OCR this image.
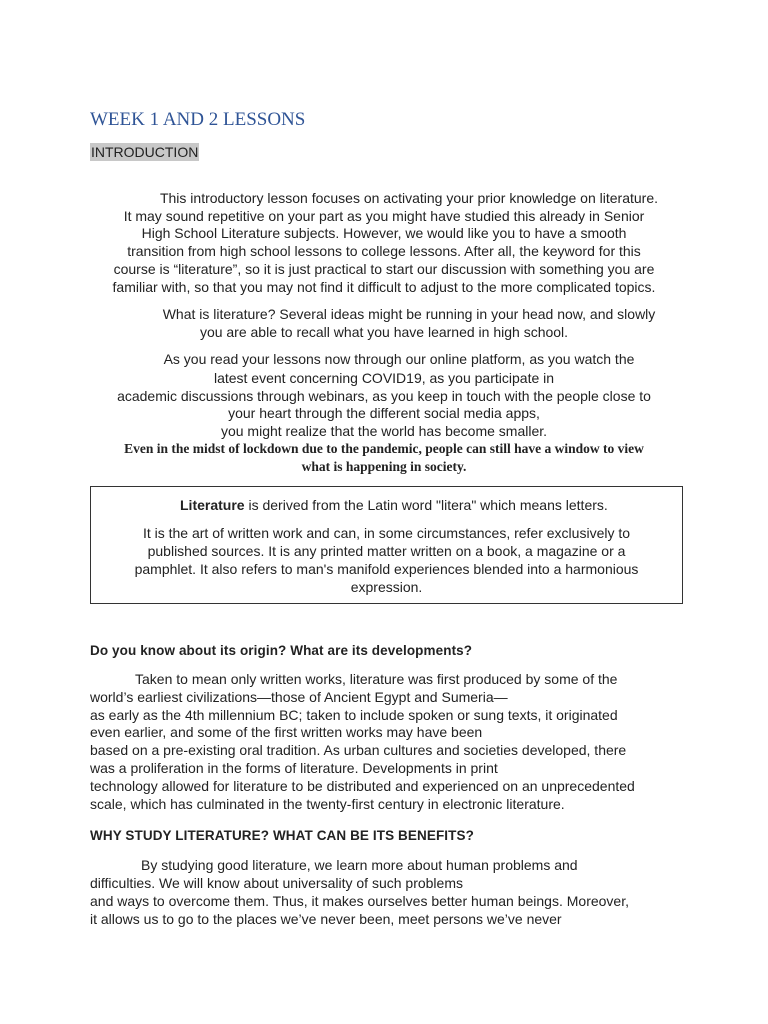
WEEK 1 AND 2 LESSONS
INTRODUCTION
This introductory lesson focuses on activating your prior knowledge on literature.
It may sound repetitive on your part as you might have studied this already in Senior
High School Literature subjects. However, we would like you to have a smooth
transition from high school lessons to college lessons. After all, the keyword for this
course is “literature”, so it is just practical to start our discussion with something you are
familiar with, so that you may not find it difficult to adjust to the more complicated topics.
What is literature? Several ideas might be running in your head now, and slowly
you are able to recall what you have learned in high school.
As you read your lessons now through our online platform, as you watch the
latest event concerning COVID19, as you participate in
academic discussions through webinars, as you keep in touch with the people close to
your heart through the different social media apps,
you might realize that the world has become smaller.
Even in the midst of lockdown due to the pandemic, people can still have a window to view
what is happening in society.
Literature is derived from the Latin word "litera" which means letters.
It is the art of written work and can, in some circumstances, refer exclusively to
published sources. It is any printed matter written on a book, a magazine or a
pamphlet. It also refers to man's manifold experiences blended into a harmonious
expression.
Do you know about its origin? What are its developments?
Taken to mean only written works, literature was first produced by some of the
world’s earliest civilizations—those of Ancient Egypt and Sumeria—
as early as the 4th millennium BC; taken to include spoken or sung texts, it originated
even earlier, and some of the first written works may have been
based on a pre-existing oral tradition. As urban cultures and societies developed, there
was a proliferation in the forms of literature. Developments in print
technology allowed for literature to be distributed and experienced on an unprecedented
scale, which has culminated in the twenty-first century in electronic literature.
WHY STUDY LITERATURE? WHAT CAN BE ITS BENEFITS?
By studying good literature, we learn more about human problems and
difficulties. We will know about universality of such problems
and ways to overcome them. Thus, it makes ourselves better human beings. Moreover,
it allows us to go to the places we’ve never been, meet persons we’ve never
